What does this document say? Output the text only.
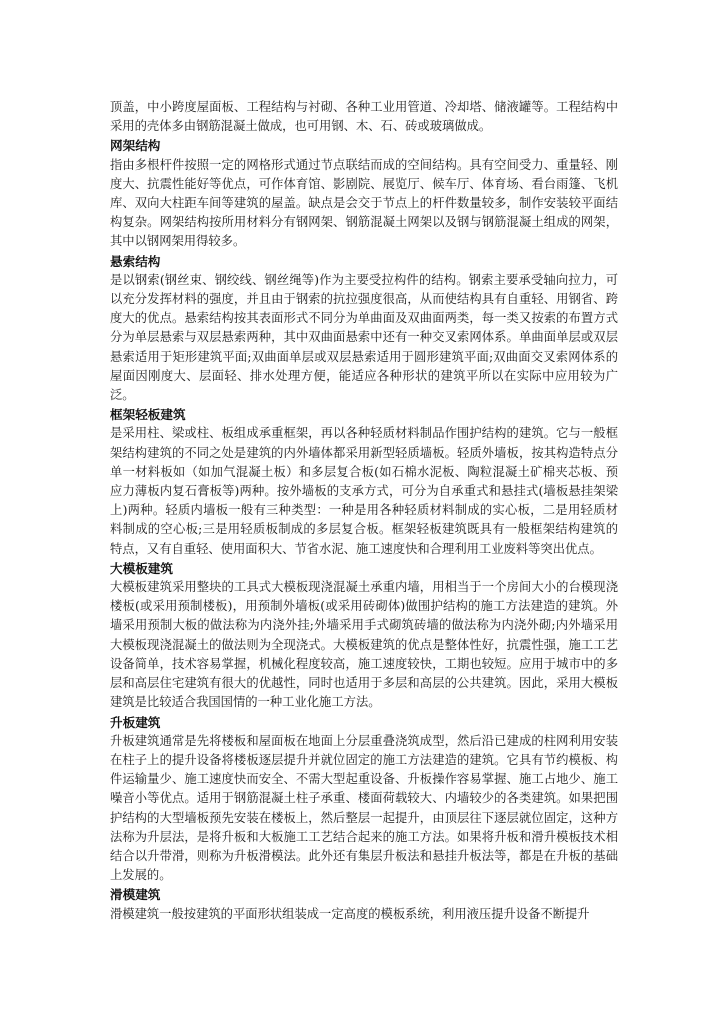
顶盖，中小跨度屋面板、工程结构与衬砌、各种工业用管道、冷却塔、储液罐等。工程结构中采用的壳体多由钢筋混凝土做成，也可用钢、木、石、砖或玻璃做成。

网架结构

指由多根杆件按照一定的网格形式通过节点联结而成的空间结构。具有空间受力、重量轻、刚度大、抗震性能好等优点，可作体育馆、影剧院、展览厅、候车厅、体育场、看台雨篷、飞机库、双向大柱距车间等建筑的屋盖。缺点是会交于节点上的杆件数量较多，制作安装较平面结构复杂。网架结构按所用材料分有钢网架、钢筋混凝土网架以及钢与钢筋混凝土组成的网架，其中以钢网架用得较多。

悬索结构

是以钢索(钢丝束、钢绞线、钢丝绳等)作为主要受拉构件的结构。钢索主要承受轴向拉力，可以充分发挥材料的强度，并且由于钢索的抗拉强度很高，从而使结构具有自重轻、用钢省、跨度大的优点。悬索结构按其表面形式不同分为单曲面及双曲面两类，每一类又按索的布置方式分为单层悬索与双层悬索两种，其中双曲面悬索中还有一种交叉索网体系。单曲面单层或双层悬索适用于矩形建筑平面;双曲面单层或双层悬索适用于圆形建筑平面;双曲面交叉索网体系的屋面因刚度大、层面轻、排水处理方便，能适应各种形状的建筑平所以在实际中应用较为广泛。

框架轻板建筑

是采用柱、梁或柱、板组成承重框架，再以各种轻质材料制品作围护结构的建筑。它与一般框架结构建筑的不同之处是建筑的内外墙体都采用新型轻质墙板。轻质外墙板，按其构造特点分单一材料板如（如加气混凝土板）和多层复合板(如石棉水泥板、陶粒混凝土矿棉夹芯板、预应力薄板内复石膏板等)两种。按外墙板的支承方式，可分为自承重式和悬挂式(墙板悬挂架梁上)两种。轻质内墙板一般有三种类型：一种是用各种轻质材料制成的实心板，二是用轻质材料制成的空心板;三是用轻质板制成的多层复合板。框架轻板建筑既具有一般框架结构建筑的特点，又有自重轻、使用面积大、节省水泥、施工速度快和合理利用工业废料等突出优点。

大模板建筑

大模板建筑采用整块的工具式大模板现浇混凝土承重内墙，用相当于一个房间大小的台模现浇楼板(或采用预制楼板)，用预制外墙板(或采用砖砌体)做围护结构的施工方法建造的建筑。外墙采用预制大板的做法称为内浇外挂;外墙采用手式砌筑砖墙的做法称为内浇外砌;内外墙采用大模板现浇混凝土的做法则为全现浇式。大模板建筑的优点是整体性好，抗震性强，施工工艺设备简单，技术容易掌握，机械化程度较高，施工速度较快，工期也较短。应用于城市中的多层和高层住宅建筑有很大的优越性，同时也适用于多层和高层的公共建筑。因此，采用大模板建筑是比较适合我国国情的一种工业化施工方法。

升板建筑

升板建筑通常是先将楼板和屋面板在地面上分层重叠浇筑成型，然后沿已建成的柱网利用安装在柱子上的提升设备将楼板逐层提升并就位固定的施工方法建造的建筑。它具有节约模板、构件运输量少、施工速度快而安全、不需大型起重设备、升板操作容易掌握、施工占地少、施工噪音小等优点。适用于钢筋混凝土柱子承重、楼面荷载较大、内墙较少的各类建筑。如果把围护结构的大型墙板预先安装在楼板上，然后整层一起提升，由顶层往下逐层就位固定，这种方法称为升层法，是将升板和大板施工工艺结合起来的施工方法。如果将升板和滑升模板技术相结合以升带滑，则称为升板滑模法。此外还有集层升板法和悬挂升板法等，都是在升板的基础上发展的。

滑模建筑

滑模建筑一般按建筑的平面形状组装成一定高度的模板系统，利用液压提升设备不断提升
